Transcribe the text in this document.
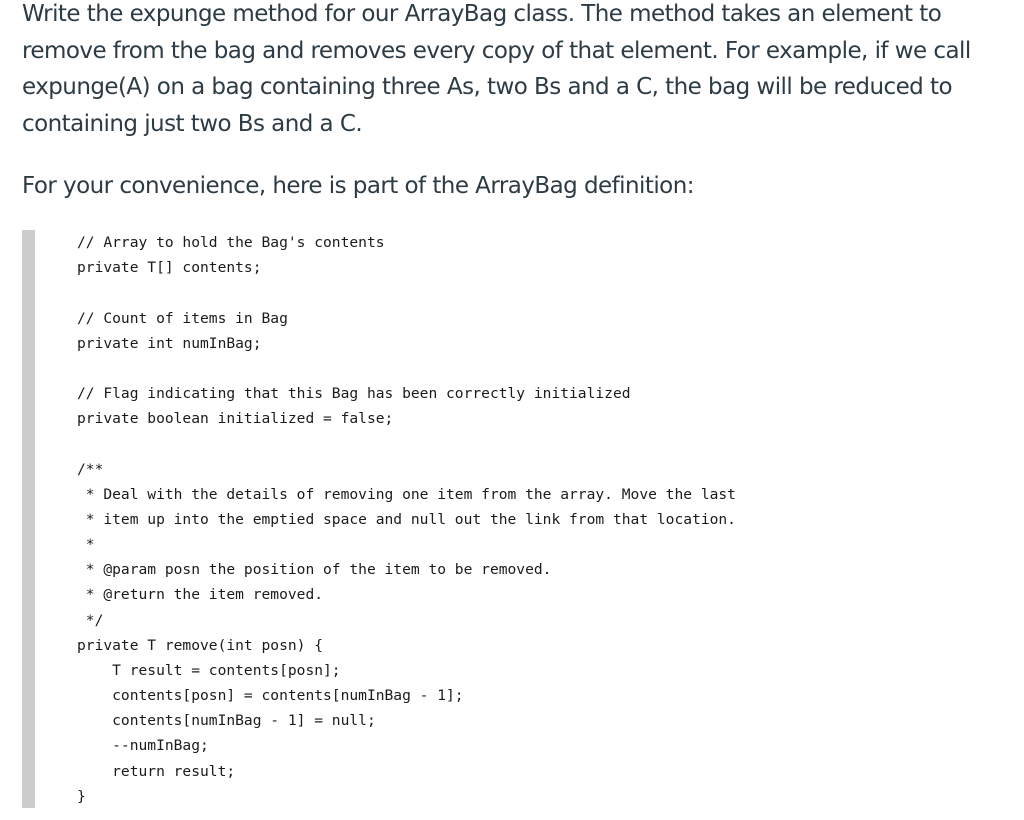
Write the expunge method for our ArrayBag class. The method takes an element to remove from the bag and removes every copy of that element. For example, if we call expunge(A) on a bag containing three As, two Bs and a C, the bag will be reduced to containing just two Bs and a C.

For your convenience, here is part of the ArrayBag definition:

// Array to hold the Bag's contents
private T[] contents;
// Count of items in Bag
private int numInBag;
// Flag indicating that this Bag has been correctly initialized
private boolean initialized = false;
/**
* Deal with the details of removing one item from the array. Move the last
* item up into the emptied space and null out the link from that location.
*
* @param posn the position of the item to be removed.
* @return the item removed.
*/
private T remove(int posn) {
T result = contents[posn];
contents[posn] = contents[numInBag - 1];
contents[numInBag - 1] = null;
--numInBag;
return result;
}
